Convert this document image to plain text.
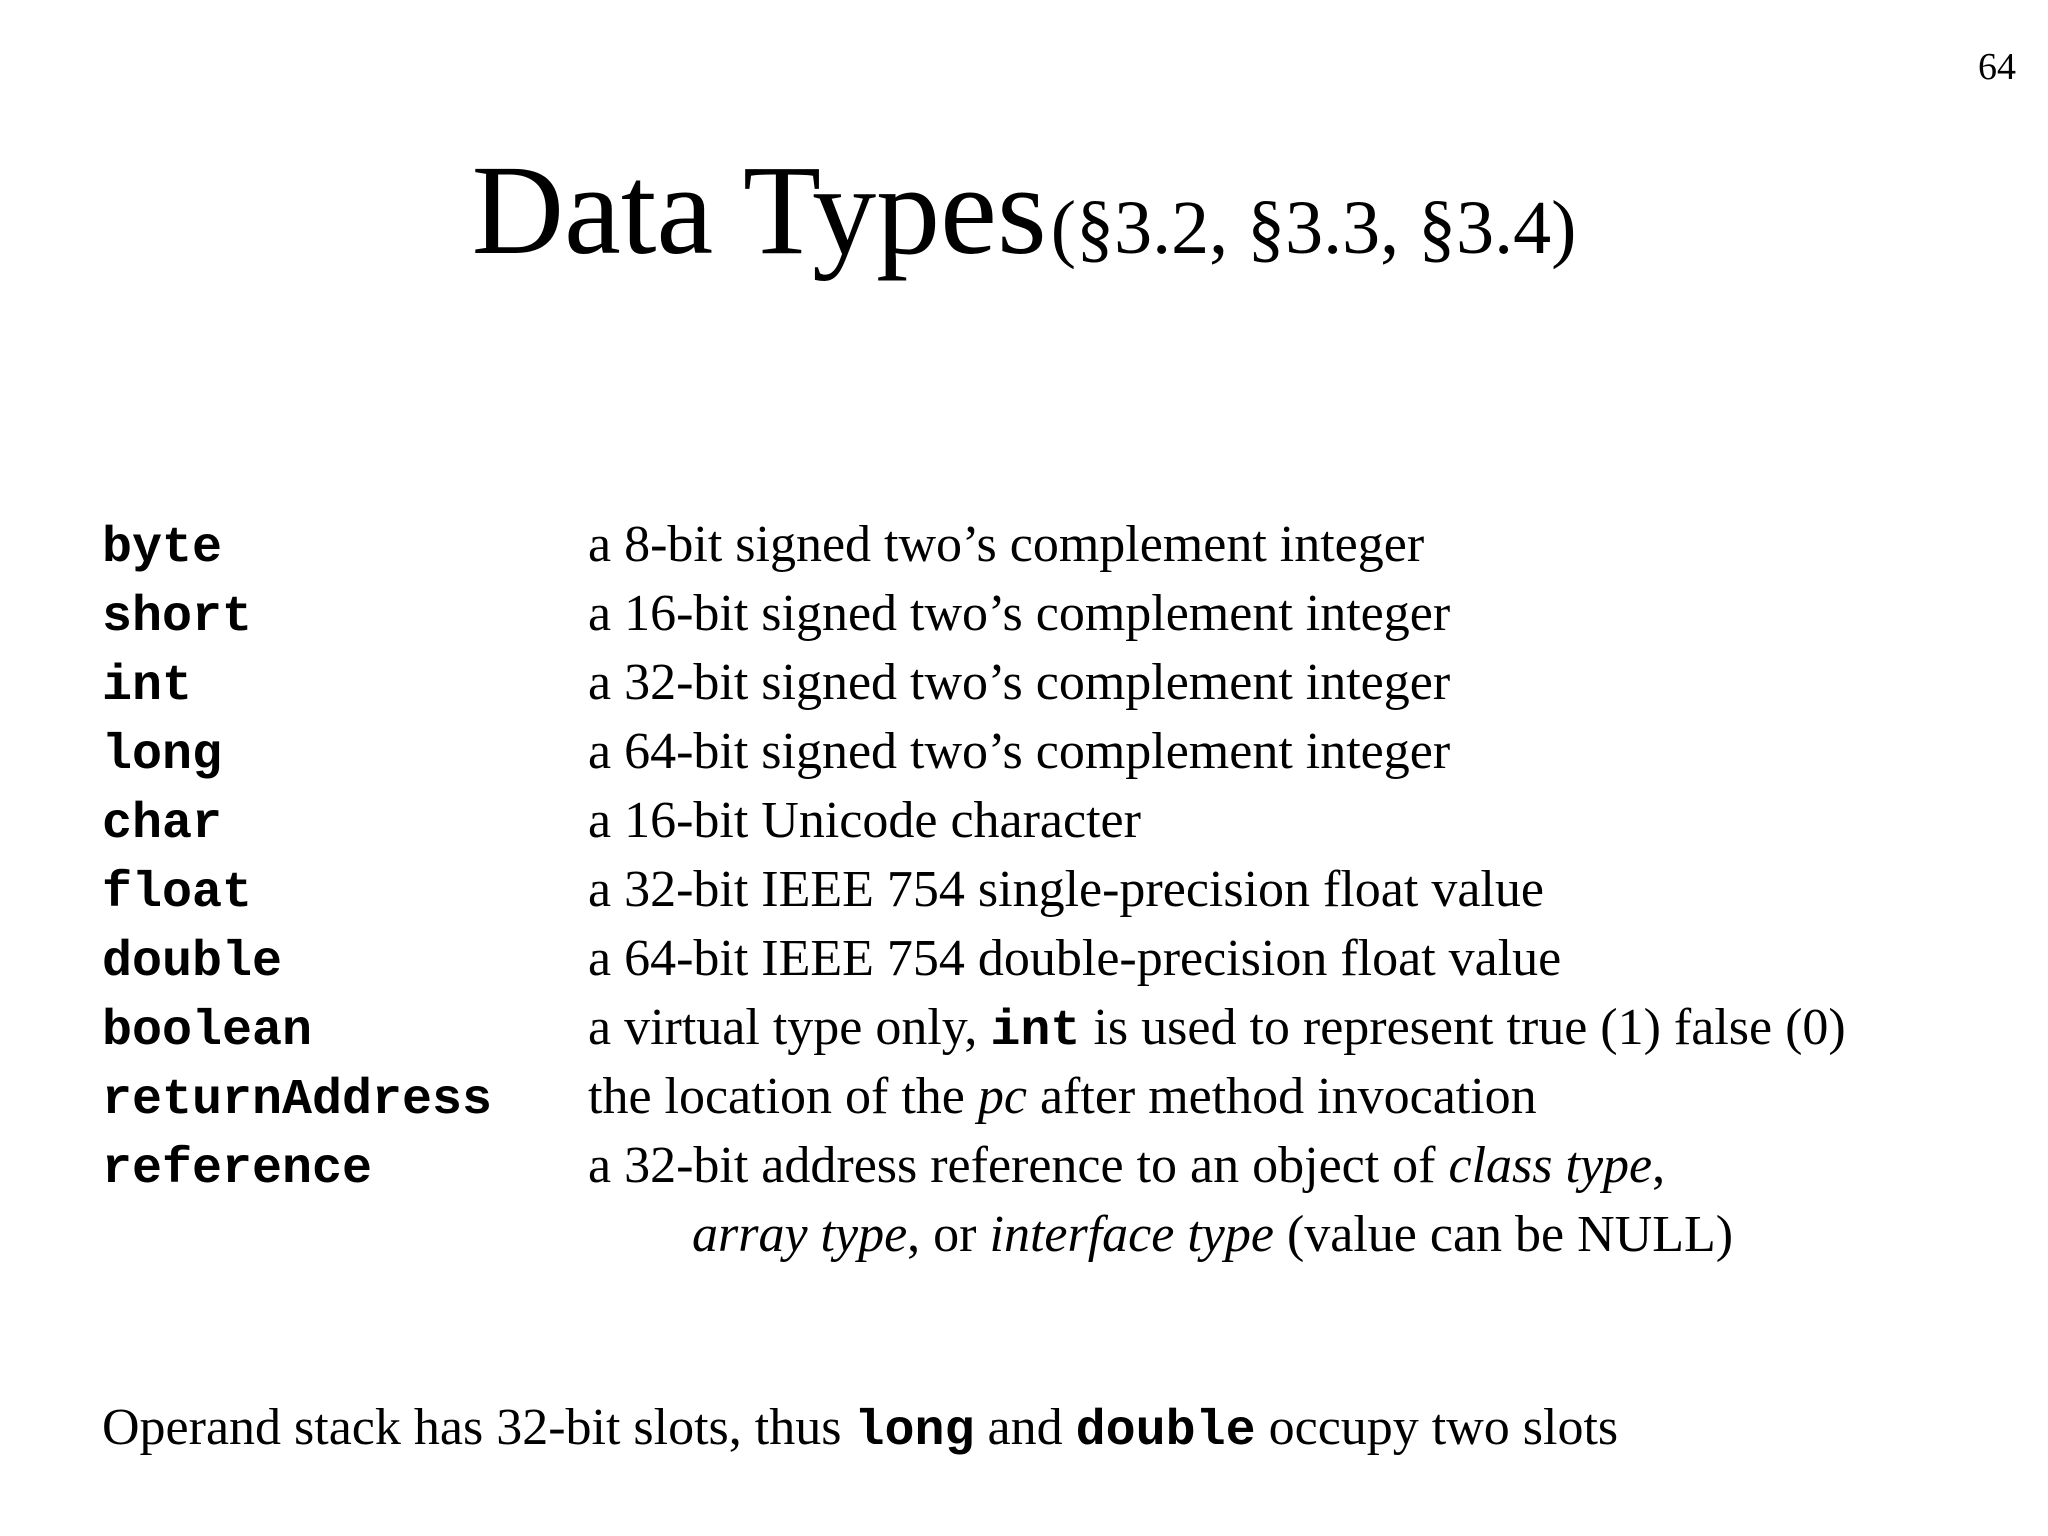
64
Data Types (§3.2, §3.3, §3.4)
byte	a 8-bit signed two’s complement integer
short	a 16-bit signed two’s complement integer
int	a 32-bit signed two’s complement integer
long	a 64-bit signed two’s complement integer
char	a 16-bit Unicode character
float	a 32-bit IEEE 754 single-precision float value
double	a 64-bit IEEE 754 double-precision float value
boolean	a virtual type only, int is used to represent true (1) false (0)
returnAddress	the location of the pc after method invocation
reference	a 32-bit address reference to an object of class type,
array type, or interface type (value can be NULL)
Operand stack has 32-bit slots, thus long and double occupy two slots
